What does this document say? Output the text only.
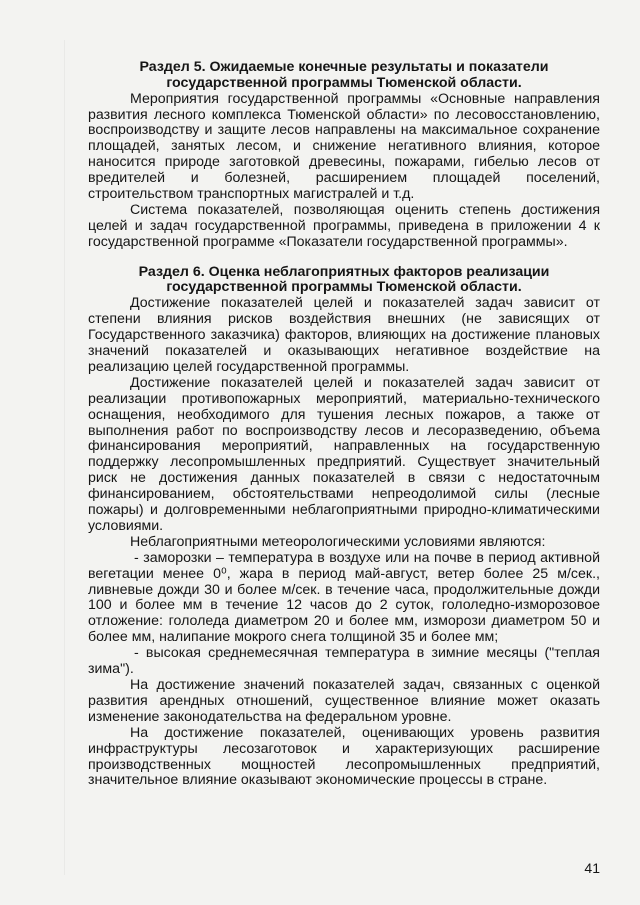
Раздел 5. Ожидаемые конечные результаты и показатели государственной программы Тюменской области.

Мероприятия государственной программы «Основные направления развития лесного комплекса Тюменской области» по лесовосстановлению, воспроизводству и защите лесов направлены на максимальное сохранение площадей, занятых лесом, и снижение негативного влияния, которое наносится природе заготовкой древесины, пожарами, гибелью лесов от вредителей и болезней, расширением площадей поселений, строительством транспортных магистралей и т.д.

Система показателей, позволяющая оценить степень достижения целей и задач государственной программы, приведена в приложении 4 к государственной программе «Показатели государственной программы».

Раздел 6. Оценка неблагоприятных факторов реализации государственной программы Тюменской области.

Достижение показателей целей и показателей задач зависит от степени влияния рисков воздействия внешних (не зависящих от Государственного заказчика) факторов, влияющих на достижение плановых значений показателей и оказывающих негативное воздействие на реализацию целей государственной программы.

Достижение показателей целей и показателей задач зависит от реализации противопожарных мероприятий, материально-технического оснащения, необходимого для тушения лесных пожаров, а также от выполнения работ по воспроизводству лесов и лесоразведению, объема финансирования мероприятий, направленных на государственную поддержку лесопромышленных предприятий. Существует значительный риск не достижения данных показателей в связи с недостаточным финансированием, обстоятельствами непреодолимой силы (лесные пожары) и долговременными неблагоприятными природно-климатическими условиями.

Неблагоприятными метеорологическими условиями являются:

- заморозки – температура в воздухе или на почве в период активной вегетации менее 0⁰, жара в период май-август, ветер более 25 м/сек., ливневые дожди 30 и более м/сек. в течение часа, продолжительные дожди 100 и более мм в течение 12 часов до 2 суток, гололедно-изморозовое отложение: гололеда диаметром 20 и более мм, изморози диаметром 50 и более мм, налипание мокрого снега толщиной 35 и более мм;

- высокая среднемесячная температура в зимние месяцы ("теплая зима").

На достижение значений показателей задач, связанных с оценкой развития арендных отношений, существенное влияние может оказать изменение законодательства на федеральном уровне.

На достижение показателей, оценивающих уровень развития инфраструктуры лесозаготовок и характеризующих расширение производственных мощностей лесопромышленных предприятий, значительное влияние оказывают экономические процессы в стране.

41
